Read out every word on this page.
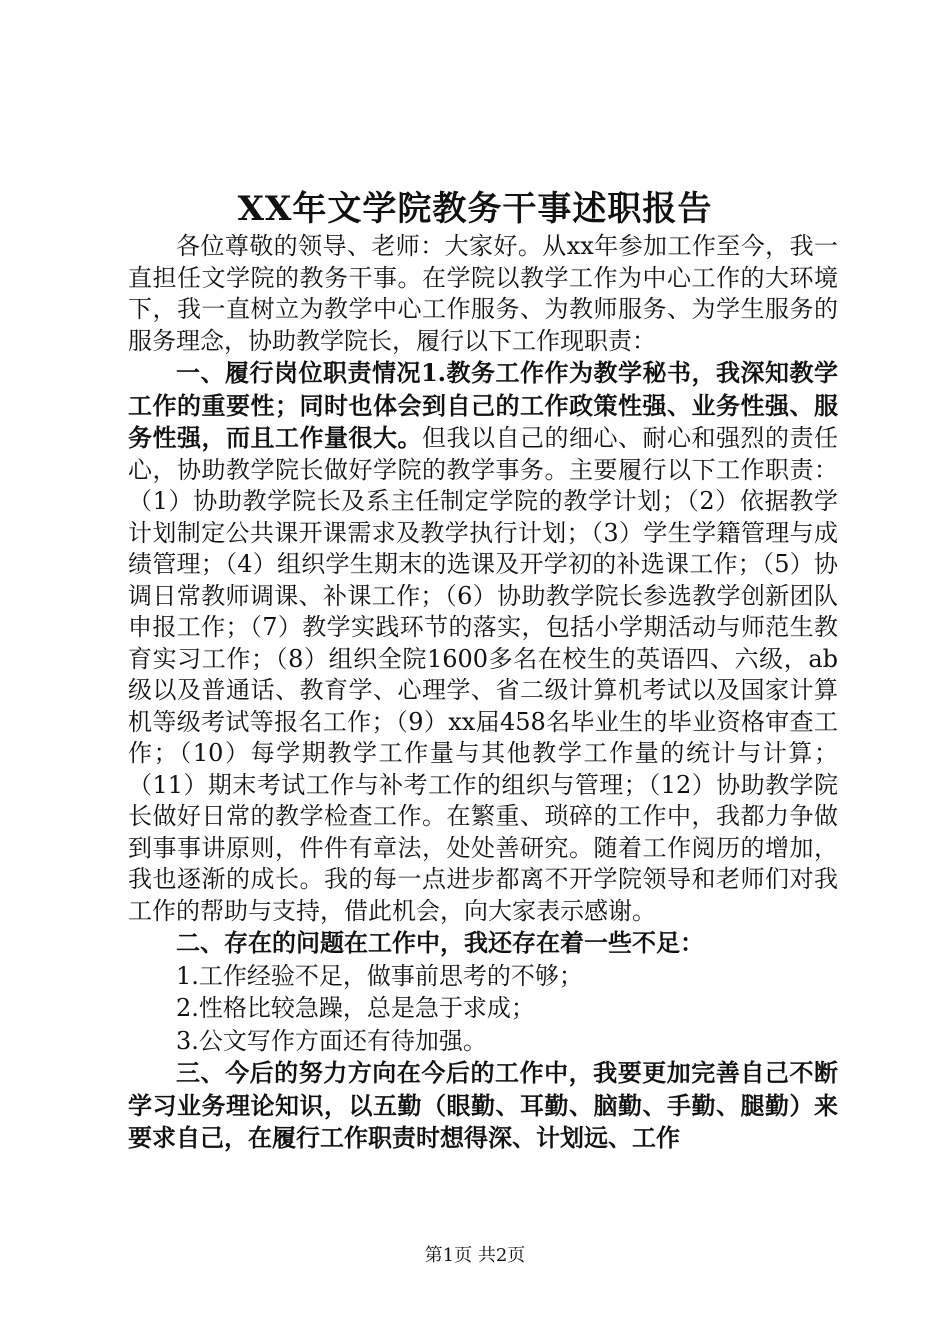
XX年文学院教务干事述职报告

各位尊敬的领导、老师：大家好。从xx年参加工作至今，我一直担任文学院的教务干事。在学院以教学工作为中心工作的大环境下，我一直树立为教学中心工作服务、为教师服务、为学生服务的服务理念，协助教学院长，履行以下工作现职责：

一、履行岗位职责情况1.教务工作作为教学秘书，我深知教学工作的重要性；同时也体会到自己的工作政策性强、业务性强、服务性强，而且工作量很大。但我以自己的细心、耐心和强烈的责任心，协助教学院长做好学院的教学事务。主要履行以下工作职责：（1）协助教学院长及系主任制定学院的教学计划；（2）依据教学计划制定公共课开课需求及教学执行计划；（3）学生学籍管理与成绩管理；（4）组织学生期末的选课及开学初的补选课工作；（5）协调日常教师调课、补课工作；（6）协助教学院长参选教学创新团队申报工作；（7）教学实践环节的落实，包括小学期活动与师范生教育实习工作；（8）组织全院1600多名在校生的英语四、六级，ab级以及普通话、教育学、心理学、省二级计算机考试以及国家计算机等级考试等报名工作；（9）xx届458名毕业生的毕业资格审查工作；（10）每学期教学工作量与其他教学工作量的统计与计算；（11）期末考试工作与补考工作的组织与管理；（12）协助教学院长做好日常的教学检查工作。在繁重、琐碎的工作中，我都力争做到事事讲原则，件件有章法，处处善研究。随着工作阅历的增加，我也逐渐的成长。我的每一点进步都离不开学院领导和老师们对我工作的帮助与支持，借此机会，向大家表示感谢。

二、存在的问题在工作中，我还存在着一些不足：

1.工作经验不足，做事前思考的不够；

2.性格比较急躁，总是急于求成；

3.公文写作方面还有待加强。

三、今后的努力方向在今后的工作中，我要更加完善自己不断学习业务理论知识，以五勤（眼勤、耳勤、脑勤、手勤、腿勤）来要求自己，在履行工作职责时想得深、计划远、工作

第1页 共2页
